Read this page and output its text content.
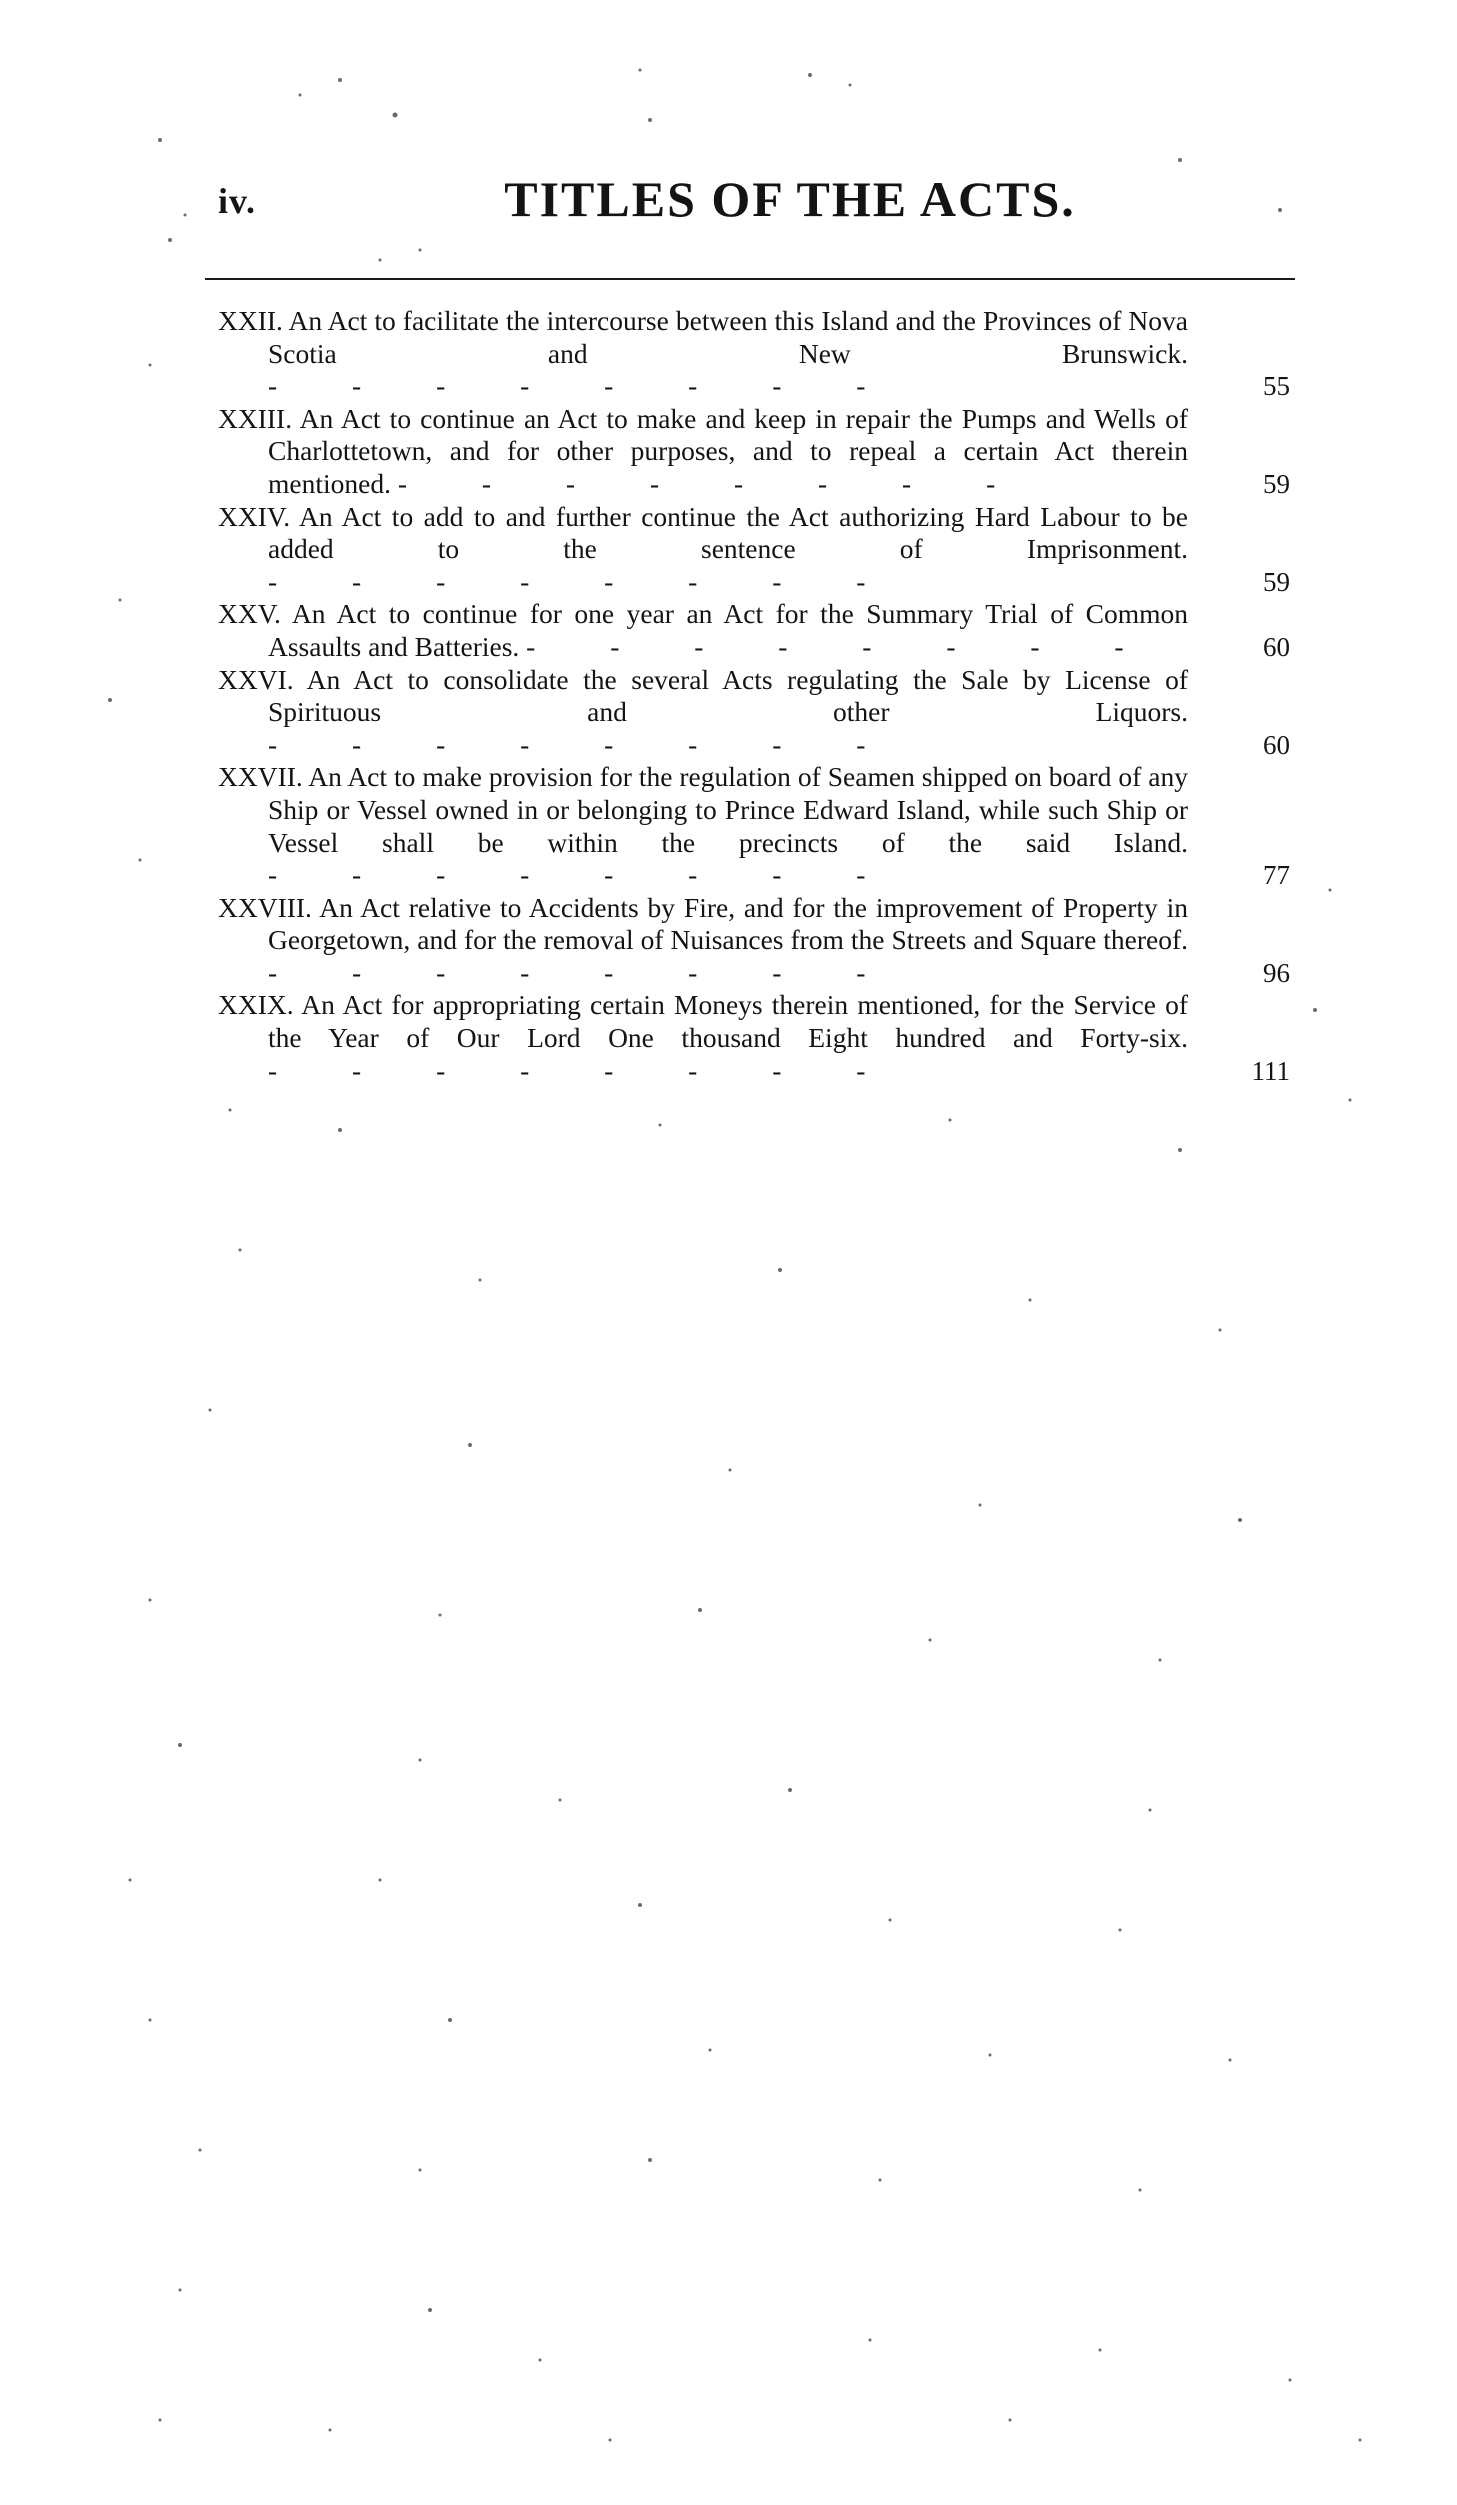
iv.	TITLES OF THE ACTS.
XXII. An Act to facilitate the intercourse between this Island and the Provinces of Nova Scotia and New Brunswick. - - - - - - - -	55
XXIII. An Act to continue an Act to make and keep in repair the Pumps and Wells of Charlottetown, and for other purposes, and to repeal a certain Act therein mentioned. - - - - - - - -	59
XXIV. An Act to add to and further continue the Act authorizing Hard Labour to be added to the sentence of Imprisonment. - - - - - - - -	59
XXV. An Act to continue for one year an Act for the Summary Trial of Common Assaults and Batteries. - - - - - - - -	60
XXVI. An Act to consolidate the several Acts regulating the Sale by License of Spirituous and other Liquors. - - - - - - - -	60
XXVII. An Act to make provision for the regulation of Seamen shipped on board of any Ship or Vessel owned in or belonging to Prince Edward Island, while such Ship or Vessel shall be within the precincts of the said Island. - - - - - - - -	77
XXVIII. An Act relative to Accidents by Fire, and for the improvement of Property in Georgetown, and for the removal of Nuisances from the Streets and Square thereof. - - - - - - - -	96
XXIX. An Act for appropriating certain Moneys therein mentioned, for the Service of the Year of Our Lord One thousand Eight hundred and Forty-six. - - - - - - - -	111
